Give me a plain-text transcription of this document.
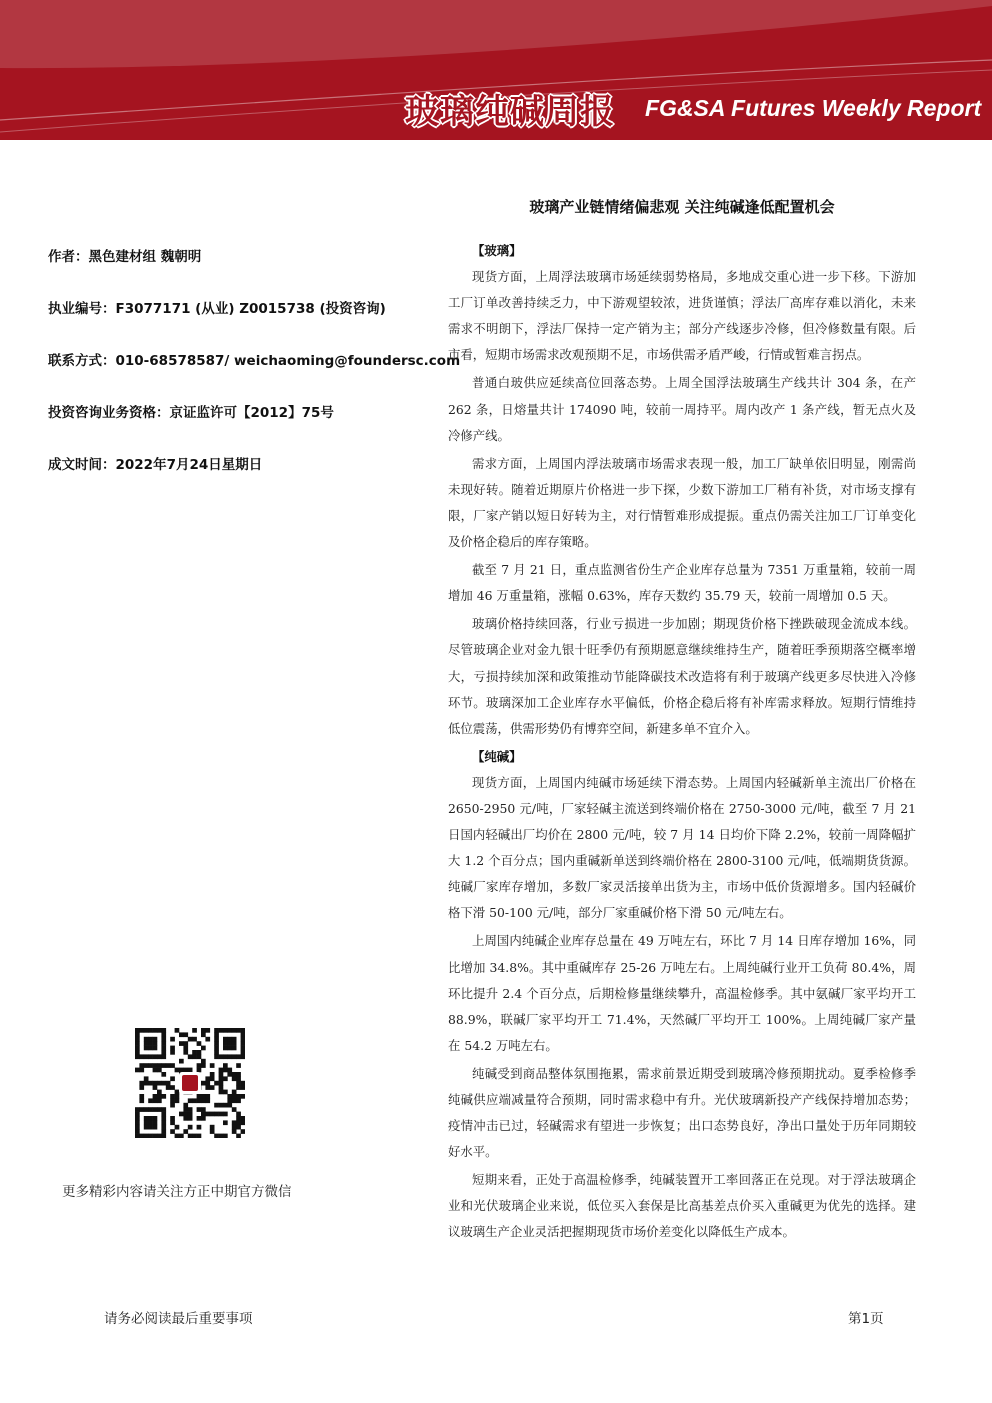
玻璃纯碱周报 FG&SA Futures Weekly Report
玻璃产业链情绪偏悲观 关注纯碱逢低配置机会
作者：黑色建材组 魏朝明
执业编号：F3077171 (从业) Z0015738 (投资咨询)
联系方式：010-68578587/ weichaoming@foundersc.com
投资咨询业务资格：京证监许可【2012】75号
成文时间：2022年7月24日星期日
更多精彩内容请关注方正中期官方微信
【玻璃】

现货方面，上周浮法玻璃市场延续弱势格局，多地成交重心进一步下移。下游加工厂订单改善持续乏力，中下游观望较浓，进货谨慎；浮法厂高库存难以消化，未来需求不明朗下，浮法厂保持一定产销为主；部分产线逐步冷修，但冷修数量有限。后市看，短期市场需求改观预期不足，市场供需矛盾严峻，行情或暂难言拐点。

普通白玻供应延续高位回落态势。上周全国浮法玻璃生产线共计 304 条，在产 262 条，日熔量共计 174090 吨，较前一周持平。周内改产 1 条产线，暂无点火及冷修产线。

需求方面，上周国内浮法玻璃市场需求表现一般，加工厂缺单依旧明显，刚需尚未现好转。随着近期原片价格进一步下探，少数下游加工厂稍有补货，对市场支撑有限，厂家产销以短日好转为主，对行情暂难形成提振。重点仍需关注加工厂订单变化及价格企稳后的库存策略。

截至 7 月 21 日，重点监测省份生产企业库存总量为 7351 万重量箱，较前一周增加 46 万重量箱，涨幅 0.63%，库存天数约 35.79 天，较前一周增加 0.5 天。

玻璃价格持续回落，行业亏损进一步加剧；期现货价格下挫跌破现金流成本线。尽管玻璃企业对金九银十旺季仍有预期愿意继续维持生产，随着旺季预期落空概率增大，亏损持续加深和政策推动节能降碳技术改造将有利于玻璃产线更多尽快进入冷修环节。玻璃深加工企业库存水平偏低，价格企稳后将有补库需求释放。短期行情维持低位震荡，供需形势仍有博弈空间，新建多单不宜介入。

【纯碱】

现货方面，上周国内纯碱市场延续下滑态势。上周国内轻碱新单主流出厂价格在 2650-2950 元/吨，厂家轻碱主流送到终端价格在 2750-3000 元/吨，截至 7 月 21 日国内轻碱出厂均价在 2800 元/吨，较 7 月 14 日均价下降 2.2%，较前一周降幅扩大 1.2 个百分点；国内重碱新单送到终端价格在 2800-3100 元/吨，低端期货货源。纯碱厂家库存增加，多数厂家灵活接单出货为主，市场中低价货源增多。国内轻碱价格下滑 50-100 元/吨，部分厂家重碱价格下滑 50 元/吨左右。

上周国内纯碱企业库存总量在 49 万吨左右，环比 7 月 14 日库存增加 16%，同比增加 34.8%。其中重碱库存 25-26 万吨左右。上周纯碱行业开工负荷 80.4%，周环比提升 2.4 个百分点，后期检修量继续攀升，高温检修季。其中氨碱厂家平均开工 88.9%，联碱厂家平均开工 71.4%，天然碱厂平均开工 100%。上周纯碱厂家产量在 54.2 万吨左右。

纯碱受到商品整体氛围拖累，需求前景近期受到玻璃冷修预期扰动。夏季检修季纯碱供应端减量符合预期，同时需求稳中有升。光伏玻璃新投产产线保持增加态势；疫情冲击已过，轻碱需求有望进一步恢复；出口态势良好，净出口量处于历年同期较好水平。

短期来看，正处于高温检修季，纯碱装置开工率回落正在兑现。对于浮法玻璃企业和光伏玻璃企业来说，低位买入套保是比高基差点价买入重碱更为优先的选择。建议玻璃生产企业灵活把握期现货市场价差变化以降低生产成本。

请务必阅读最后重要事项	第1页
